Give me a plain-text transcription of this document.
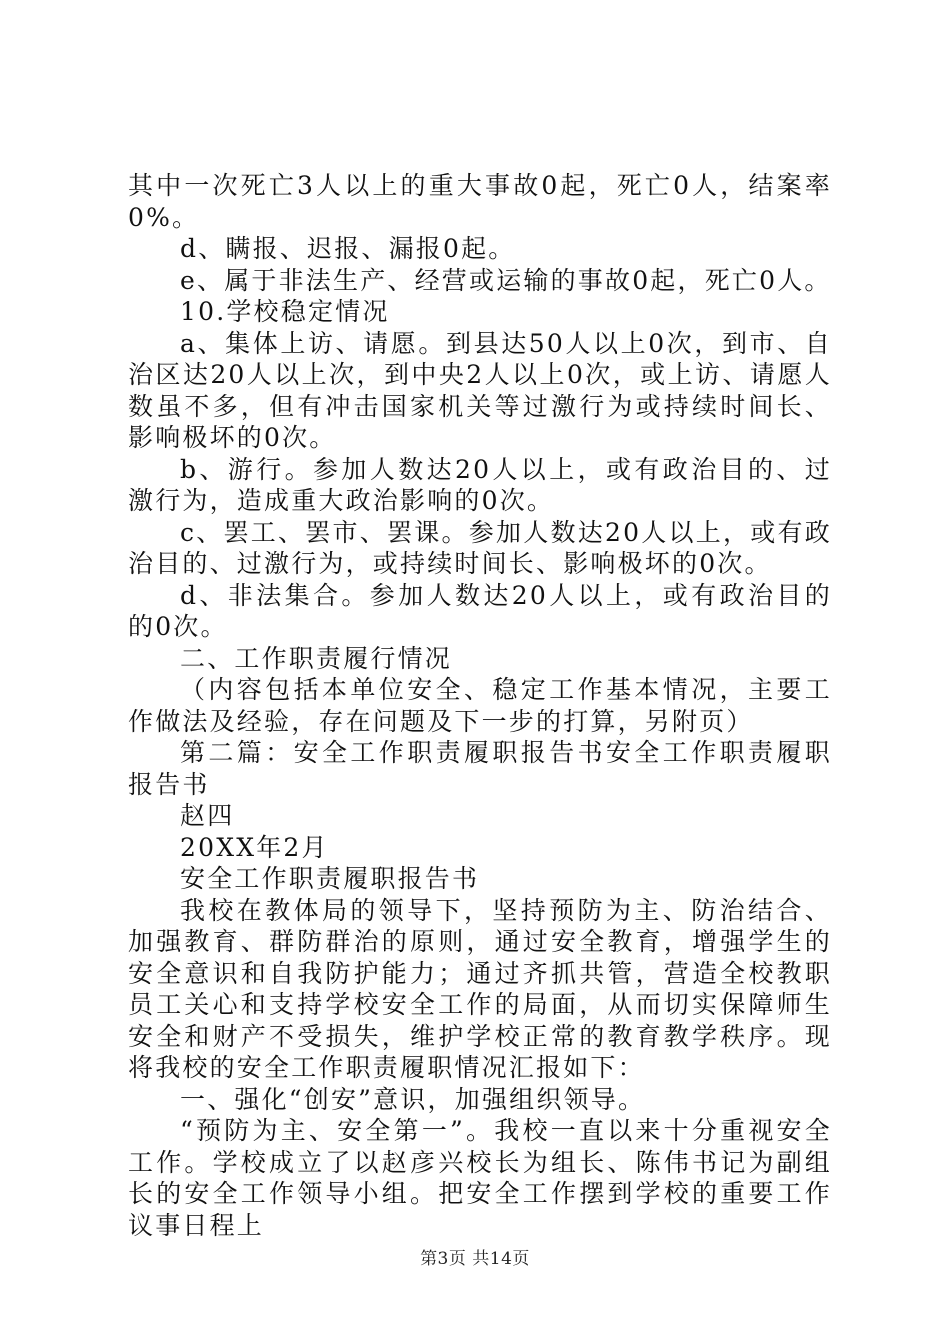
其中一次死亡3人以上的重大事故0起，死亡0人，结案率0%。

d、瞒报、迟报、漏报0起。

e、属于非法生产、经营或运输的事故0起，死亡0人。

10.学校稳定情况

a、集体上访、请愿。到县达50人以上0次，到市、自治区达20人以上次，到中央2人以上0次，或上访、请愿人数虽不多，但有冲击国家机关等过激行为或持续时间长、影响极坏的0次。

b、游行。参加人数达20人以上，或有政治目的、过激行为，造成重大政治影响的0次。

c、罢工、罢市、罢课。参加人数达20人以上，或有政治目的、过激行为，或持续时间长、影响极坏的0次。

d、非法集合。参加人数达20人以上，或有政治目的的0次。

二、工作职责履行情况

（内容包括本单位安全、稳定工作基本情况，主要工作做法及经验，存在问题及下一步的打算，另附页）

第二篇：安全工作职责履职报告书安全工作职责履职报告书

赵四

20XX年2月

安全工作职责履职报告书

我校在教体局的领导下，坚持预防为主、防治结合、加强教育、群防群治的原则，通过安全教育，增强学生的安全意识和自我防护能力；通过齐抓共管，营造全校教职员工关心和支持学校安全工作的局面，从而切实保障师生安全和财产不受损失，维护学校正常的教育教学秩序。现将我校的安全工作职责履职情况汇报如下：

一、强化“创安”意识，加强组织领导。

“预防为主、安全第一”。我校一直以来十分重视安全工作。学校成立了以赵彦兴校长为组长、陈伟书记为副组长的安全工作领导小组。把安全工作摆到学校的重要工作议事日程上

第3页 共14页
